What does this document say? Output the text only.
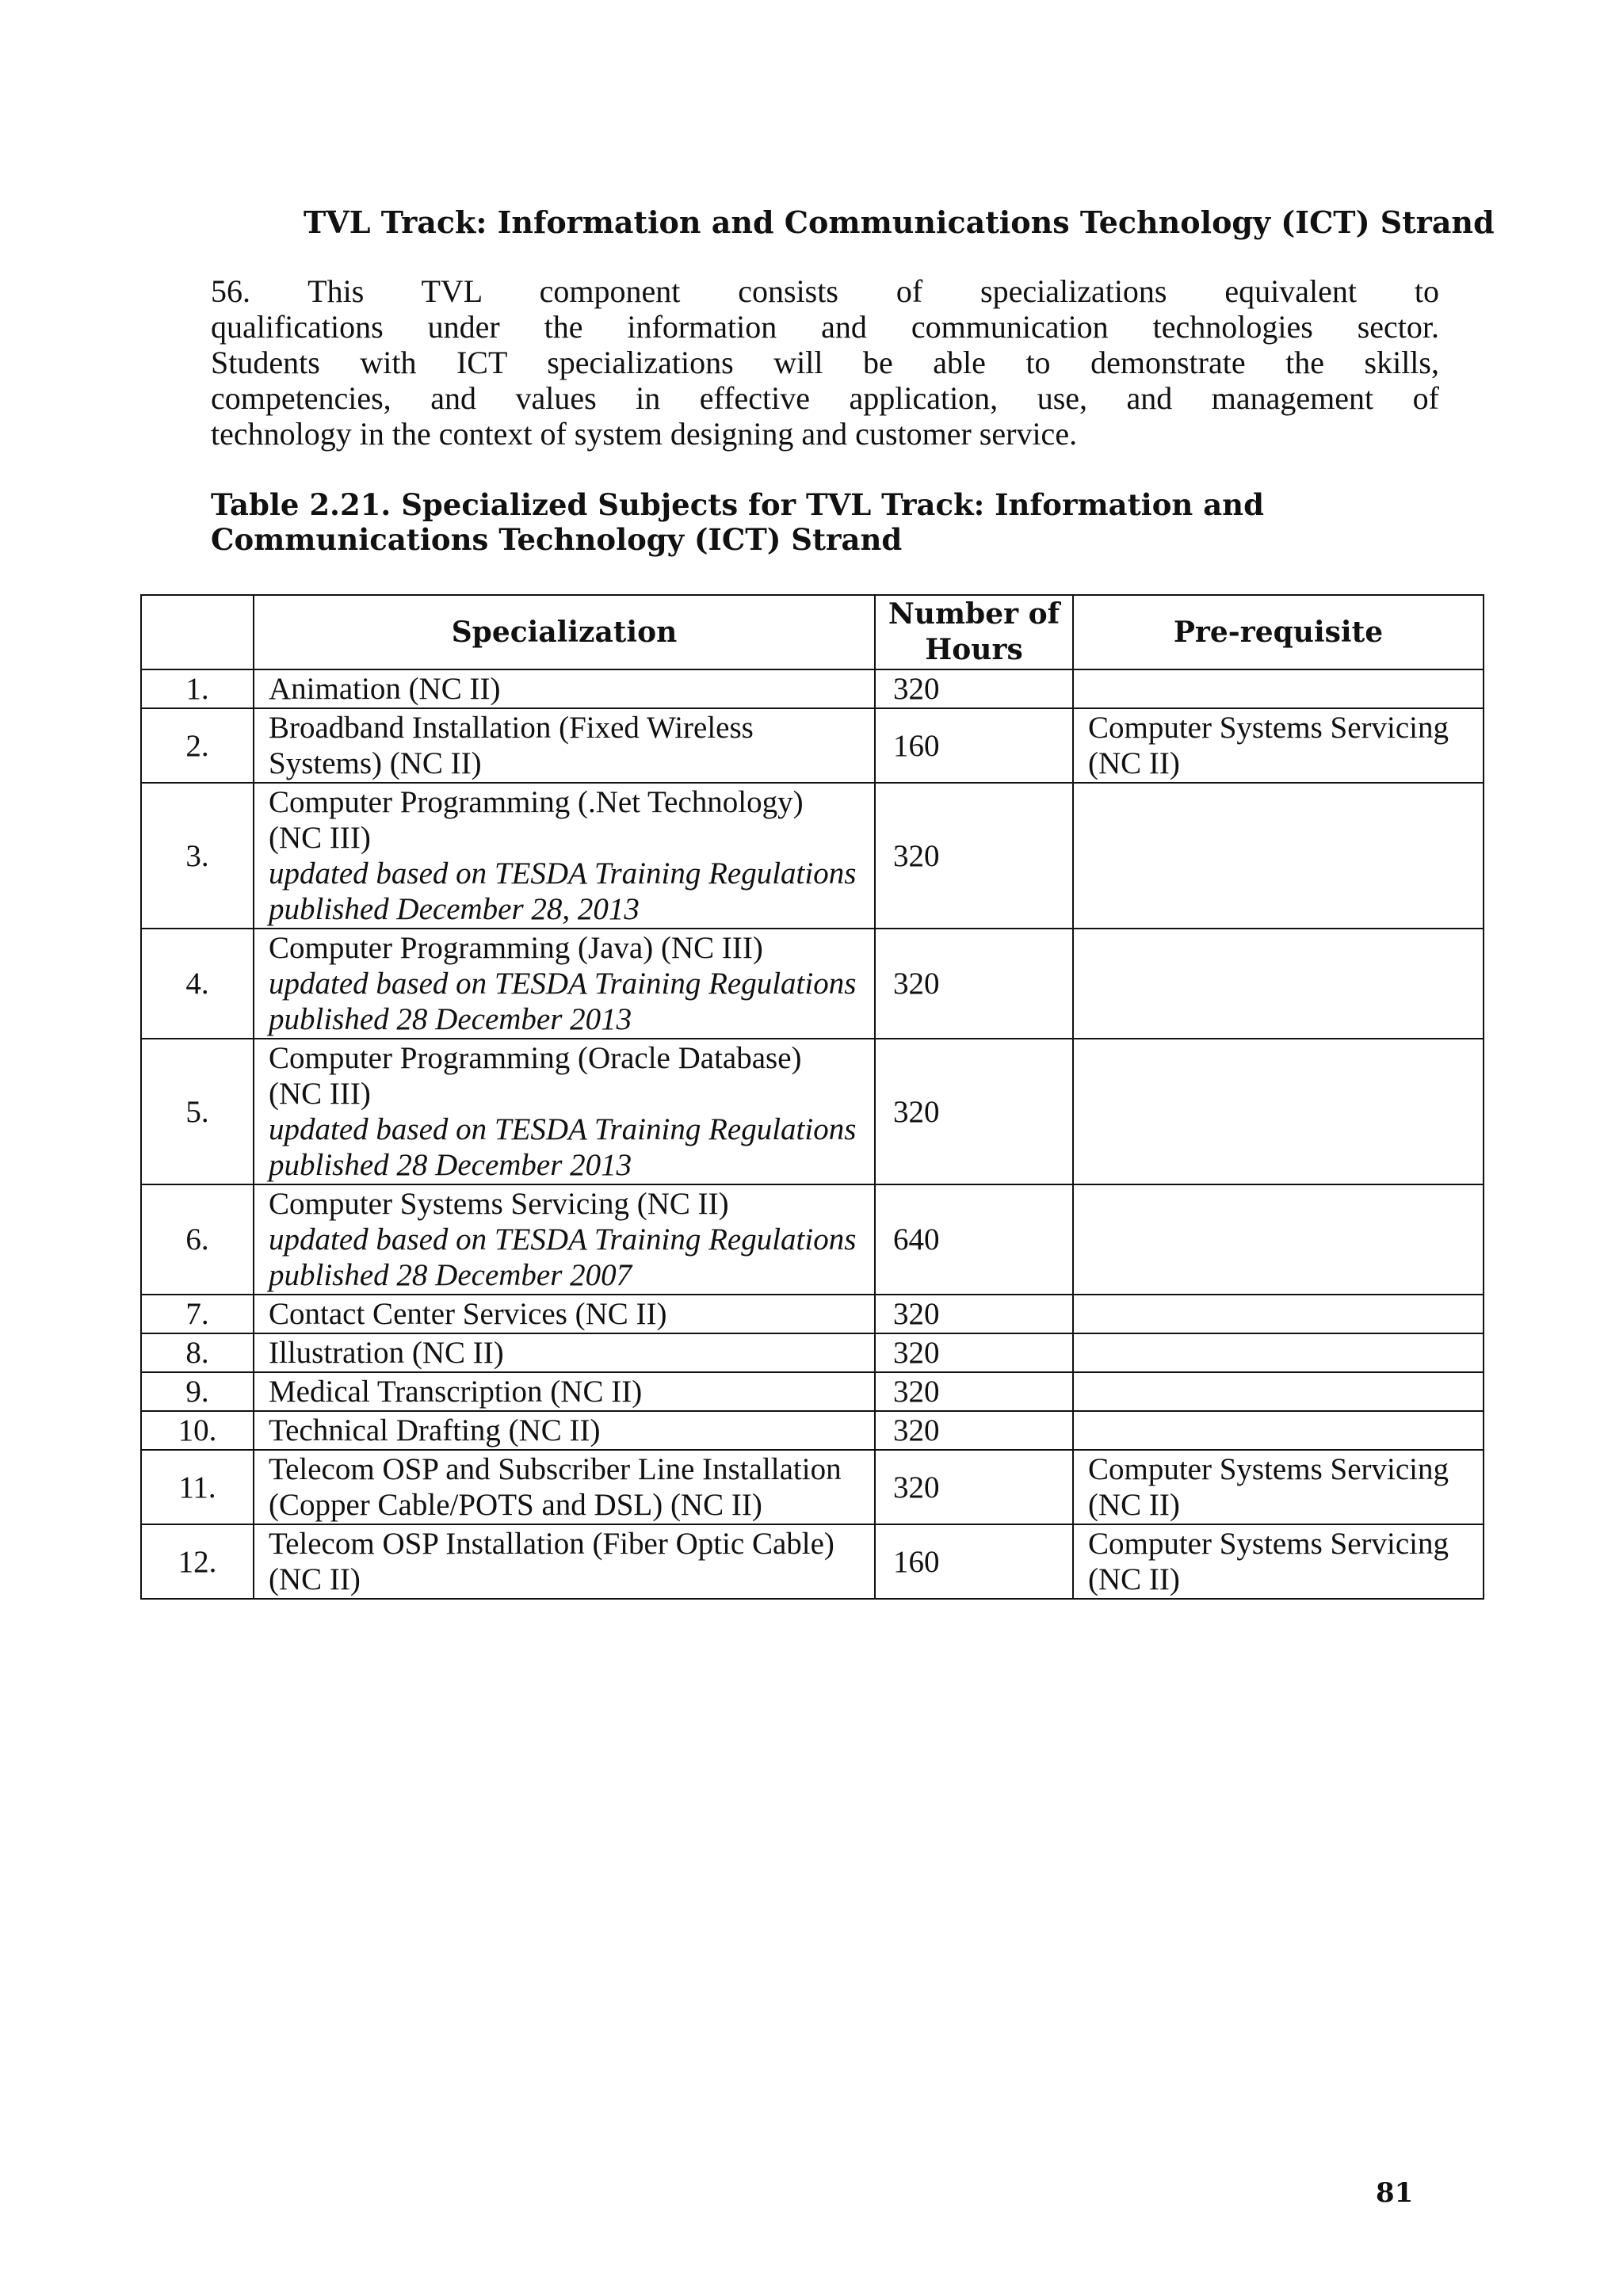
TVL Track: Information and Communications Technology (ICT) Strand
56. This TVL component consists of specializations equivalent to
qualifications under the information and communication technologies sector.
Students with ICT specializations will be able to demonstrate the skills,
competencies, and values in effective application, use, and management of
technology in the context of system designing and customer service.
Table 2.21. Specialized Subjects for TVL Track: Information and
Communications Technology (ICT) Strand
	Specialization	Number of Hours	Pre-requisite
1.	Animation (NC II)	320	
2.	Broadband Installation (Fixed Wireless Systems) (NC II)	160	Computer Systems Servicing (NC II)
3.	Computer Programming (.Net Technology) (NC III)
updated based on TESDA Training Regulations published December 28, 2013	320	
4.	Computer Programming (Java) (NC III)
updated based on TESDA Training Regulations published 28 December 2013	320	
5.	Computer Programming (Oracle Database) (NC III)
updated based on TESDA Training Regulations published 28 December 2013	320	
6.	Computer Systems Servicing (NC II)
updated based on TESDA Training Regulations published 28 December 2007	640	
7.	Contact Center Services (NC II)	320	
8.	Illustration (NC II)	320	
9.	Medical Transcription (NC II)	320	
10.	Technical Drafting (NC II)	320	
11.	Telecom OSP and Subscriber Line Installation (Copper Cable/POTS and DSL) (NC II)	320	Computer Systems Servicing (NC II)
12.	Telecom OSP Installation (Fiber Optic Cable) (NC II)	160	Computer Systems Servicing (NC II)
81
